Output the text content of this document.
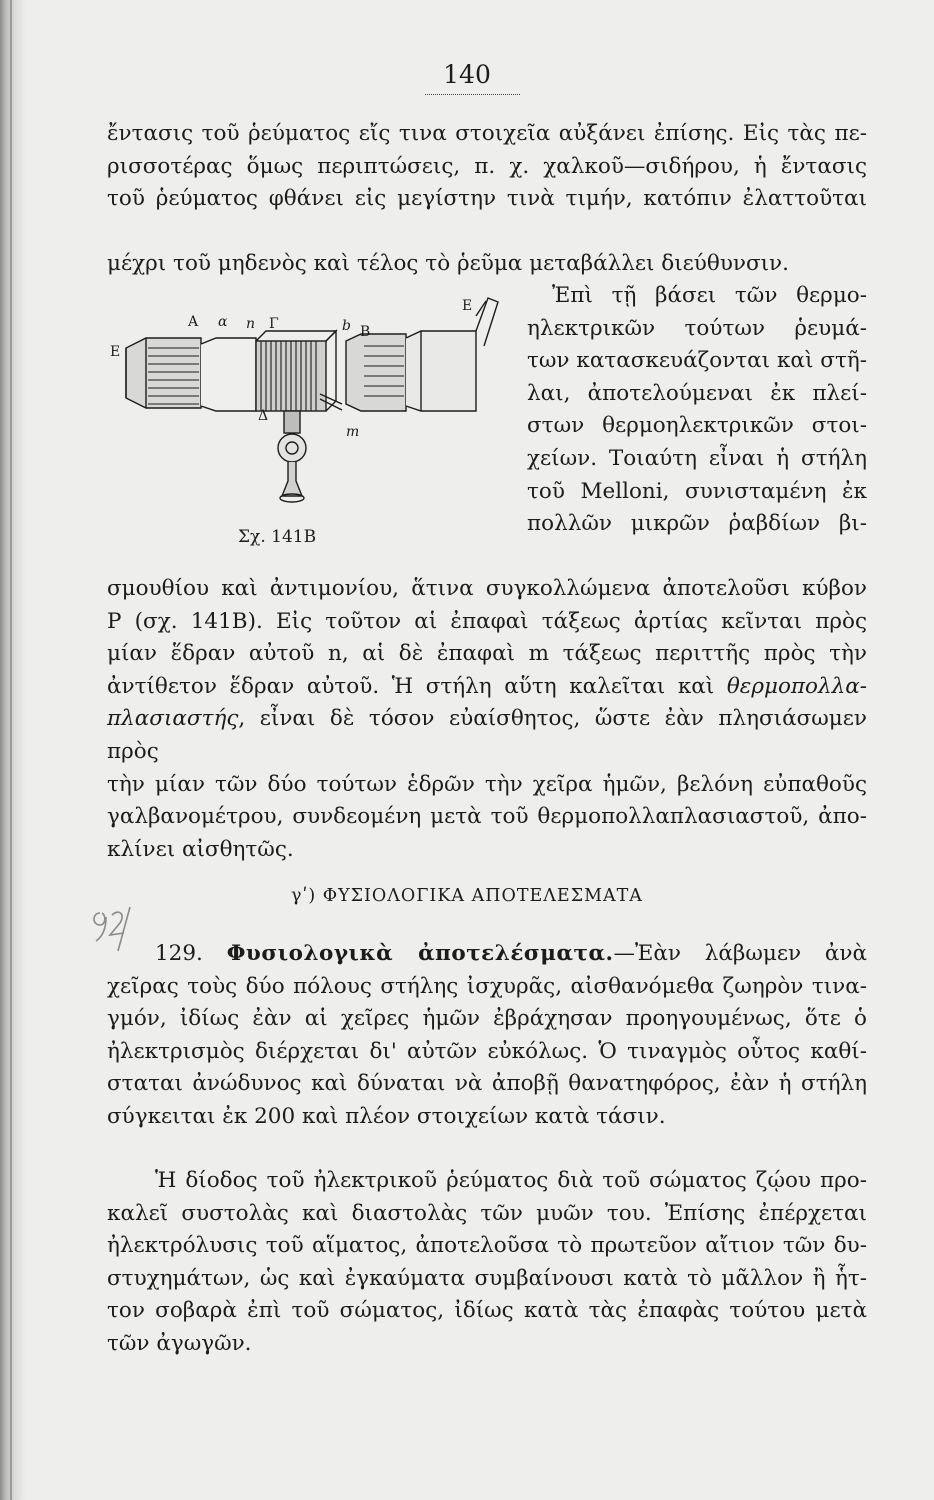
140
ἔντασις τοῦ ῥεύματος εἴς τινα στοιχεῖα αὐξάνει ἐπίσης. Εἰς τὰς πε-
ρισσοτέρας ὅμως περιπτώσεις, π. χ. χαλκοῦ—σιδήρου, ἡ ἔντασις
τοῦ ῥεύματος φθάνει εἰς μεγίστην τινὰ τιμήν, κατόπιν ἐλαττοῦται
μέχρι τοῦ μηδενὸς καὶ τέλος τὸ ῥεῦμα μεταβάλλει διεύθυνσιν.
Α α n Γ	b B
E
E
Δ
m
Σχ. 141B
Ἐπὶ τῇ βάσει τῶν θερμο-
ηλεκτρικῶν τούτων ῥευμά-
των κατασκευάζονται καὶ στῆ-
λαι, ἀποτελούμεναι ἐκ πλεί-
στων θερμοηλεκτρικῶν στοι-
χείων. Τοιαύτη εἶναι ἡ στήλη
τοῦ Melloni, συνισταμένη ἐκ
πολλῶν μικρῶν ῥαβδίων βι-
σμουθίου καὶ ἀντιμονίου, ἅτινα συγκολλώμενα ἀποτελοῦσι κύβον
P (σχ. 141B). Εἰς τοῦτον αἱ ἐπαφαὶ τάξεως ἀρτίας κεῖνται πρὸς
μίαν ἕδραν αὐτοῦ n, αἱ δὲ ἐπαφαὶ m τάξεως περιττῆς πρὸς τὴν
ἀντίθετον ἕδραν αὐτοῦ. Ἡ στήλη αὕτη καλεῖται καὶ θερμοπολλα-
πλασιαστής, εἶναι δὲ τόσον εὐαίσθητος, ὥστε ἐὰν πλησιάσωμεν πρὸς
τὴν μίαν τῶν δύο τούτων ἑδρῶν τὴν χεῖρα ἡμῶν, βελόνη εὐπαθοῦς
γαλβανομέτρου, συνδεομένη μετὰ τοῦ θερμοπολλαπλασιαστοῦ, ἀπο-
κλίνει αἰσθητῶς.
γʹ) ΦΥΣΙΟΛΟΓΙΚΑ ΑΠΟΤΕΛΕΣΜΑΤΑ
129. Φυσιολογικὰ ἀποτελέσματα.—Ἐὰν λάβωμεν ἀνὰ
χεῖρας τοὺς δύο πόλους στήλης ἰσχυρᾶς, αἰσθανόμεθα ζωηρὸν τινα-
γμόν, ἰδίως ἐὰν αἱ χεῖρες ἡμῶν ἐβράχησαν προηγουμένως, ὅτε ὁ
ἠλεκτρισμὸς διέρχεται δι' αὐτῶν εὐκόλως. Ὁ τιναγμὸς οὗτος καθί-
σταται ἀνώδυνος καὶ δύναται νὰ ἀποβῇ θανατηφόρος, ἐὰν ἡ στήλη
σύγκειται ἐκ 200 καὶ πλέον στοιχείων κατὰ τάσιν.
Ἡ δίοδος τοῦ ἠλεκτρικοῦ ῥεύματος διὰ τοῦ σώματος ζῴου προ-
καλεῖ συστολὰς καὶ διαστολὰς τῶν μυῶν του. Ἐπίσης ἐπέρχεται
ἠλεκτρόλυσις τοῦ αἵματος, ἀποτελοῦσα τὸ πρωτεῦον αἴτιον τῶν δυ-
στυχημάτων, ὡς καὶ ἐγκαύματα συμβαίνουσι κατὰ τὸ μᾶλλον ἢ ἧτ-
τον σοβαρὰ ἐπὶ τοῦ σώματος, ἰδίως κατὰ τὰς ἐπαφὰς τούτου μετὰ
τῶν ἀγωγῶν.
